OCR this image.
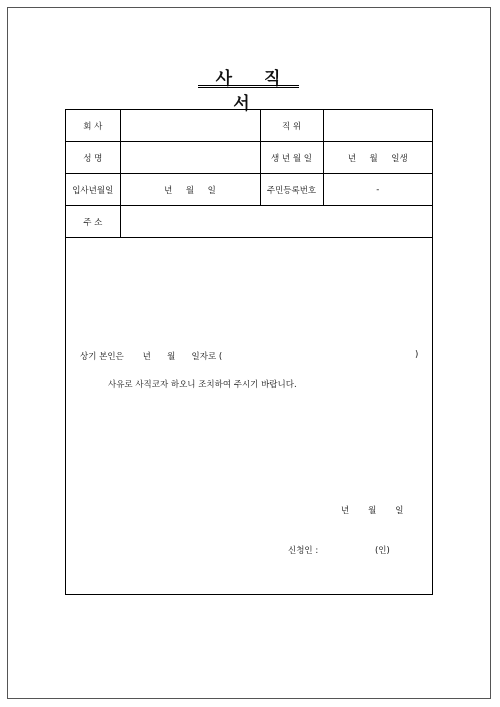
사 직 서
회 사		직 위	
성 명		생 년 월 일	년     월     일생
입사년월일	년     월     일	주민등록번호	-
주 소			
상기 본인은       년      월      일자로 (	)
사유로 사직코자 하오니 조치하여 주시기 바랍니다.
년       월       일
신청인 :                     (인)
